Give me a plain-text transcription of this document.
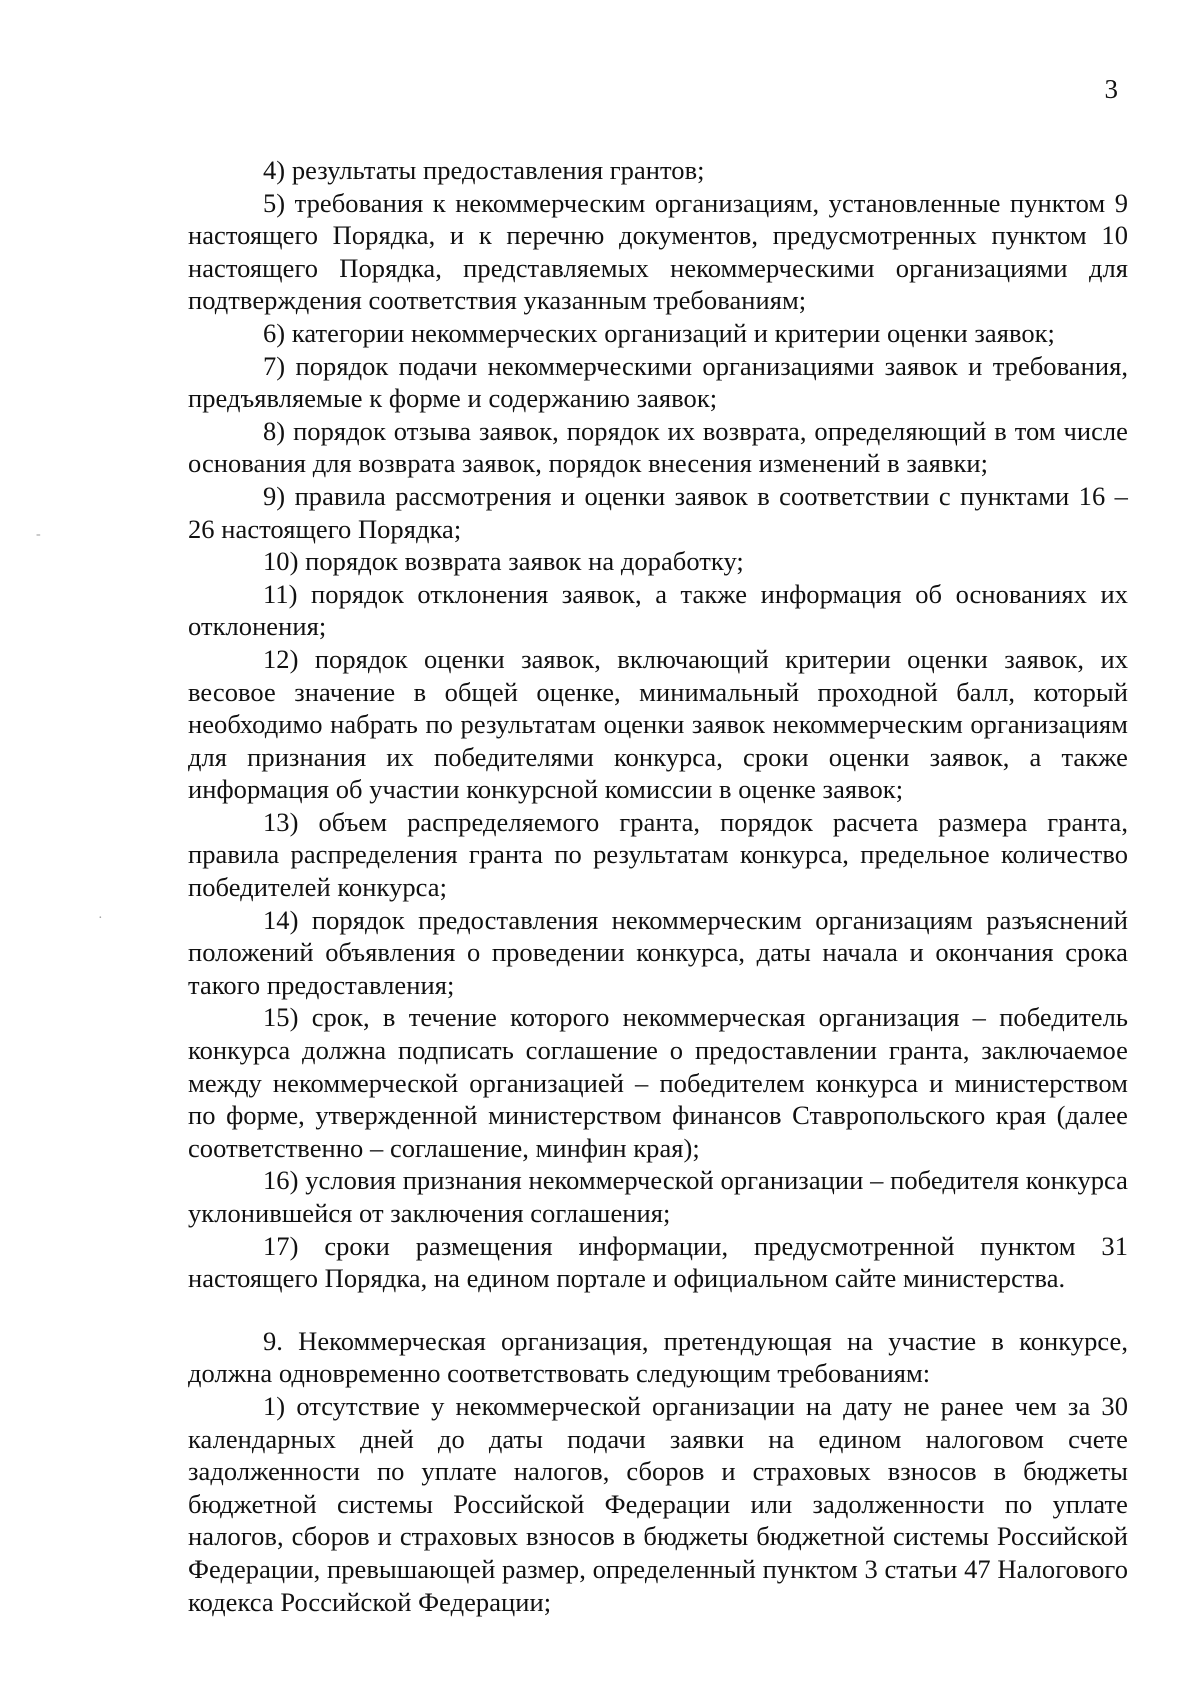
3
-
·

4) результаты предоставления грантов;

5) требования к некоммерческим организациям, установленные пунктом 9 настоящего Порядка, и к перечню документов, предусмотренных пунктом 10 настоящего Порядка, представляемых некоммерческими организациями для подтверждения соответствия указанным требованиям;

6) категории некоммерческих организаций и критерии оценки заявок;

7) порядок подачи некоммерческими организациями заявок и требования, предъявляемые к форме и содержанию заявок;

8) порядок отзыва заявок, порядок их возврата, определяющий в том числе основания для возврата заявок, порядок внесения изменений в заявки;

9) правила рассмотрения и оценки заявок в соответствии с пунктами 16 – 26 настоящего Порядка;

10) порядок возврата заявок на доработку;

11) порядок отклонения заявок, а также информация об основаниях их отклонения;

12) порядок оценки заявок, включающий критерии оценки заявок, их весовое значение в общей оценке, минимальный проходной балл, который необходимо набрать по результатам оценки заявок некоммерческим организациям для признания их победителями конкурса, сроки оценки заявок, а также информация об участии конкурсной комиссии в оценке заявок;

13) объем распределяемого гранта, порядок расчета размера гранта, правила распределения гранта по результатам конкурса, предельное количество победителей конкурса;

14) порядок предоставления некоммерческим организациям разъяснений положений объявления о проведении конкурса, даты начала и окончания срока такого предоставления;

15) срок, в течение которого некоммерческая организация – победитель конкурса должна подписать соглашение о предоставлении гранта, заключаемое между некоммерческой организацией – победителем конкурса и министерством по форме, утвержденной министерством финансов Ставропольского края (далее соответственно – соглашение, минфин края);

16) условия признания некоммерческой организации – победителя конкурса уклонившейся от заключения соглашения;

17) сроки размещения информации, предусмотренной пунктом 31 настоящего Порядка, на едином портале и официальном сайте министерства.

9. Некоммерческая организация, претендующая на участие в конкурсе, должна одновременно соответствовать следующим требованиям:

1) отсутствие у некоммерческой организации на дату не ранее чем за 30 календарных дней до даты подачи заявки на едином налоговом счете задолженности по уплате налогов, сборов и страховых взносов в бюджеты бюджетной системы Российской Федерации или задолженности по уплате налогов, сборов и страховых взносов в бюджеты бюджетной системы Российской Федерации, превышающей размер, определенный пунктом 3 статьи 47 Налогового кодекса Российской Федерации;
